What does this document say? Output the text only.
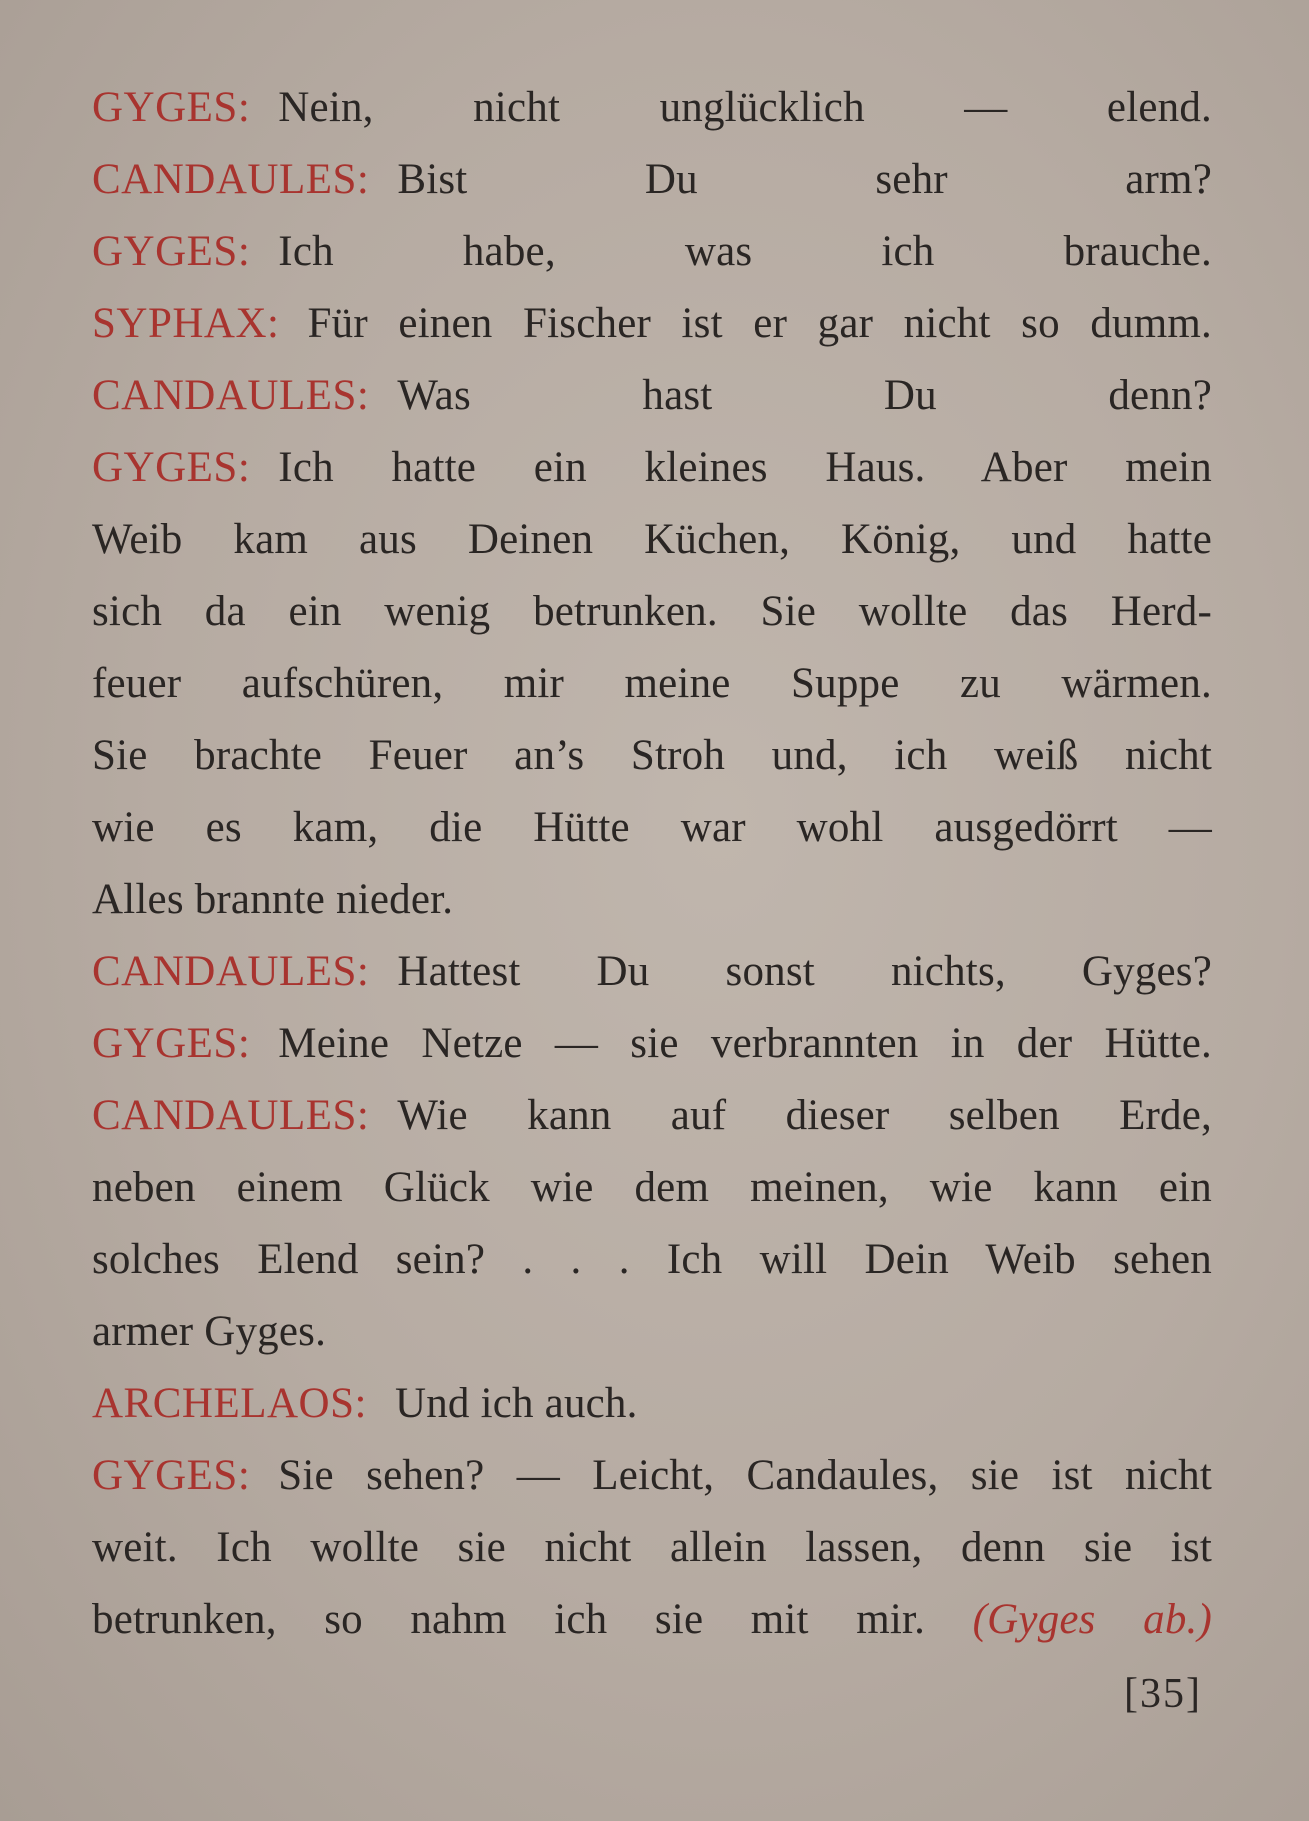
GYGES: Nein, nicht unglücklich — elend.
CANDAULES: Bist Du sehr arm?
GYGES: Ich habe, was ich brauche.
SYPHAX: Für einen Fischer ist er gar nicht so dumm.
CANDAULES: Was hast Du denn?
GYGES: Ich hatte ein kleines Haus. Aber mein
Weib kam aus Deinen Küchen, König, und hatte
sich da ein wenig betrunken. Sie wollte das Herd-
feuer aufschüren, mir meine Suppe zu wärmen.
Sie brachte Feuer an’s Stroh und, ich weiß nicht
wie es kam, die Hütte war wohl ausgedörrt —
Alles brannte nieder.
CANDAULES: Hattest Du sonst nichts, Gyges?
GYGES: Meine Netze — sie verbrannten in der Hütte.
CANDAULES: Wie kann auf dieser selben Erde,
neben einem Glück wie dem meinen, wie kann ein
solches Elend sein? . . . Ich will Dein Weib sehen
armer Gyges.
ARCHELAOS: Und ich auch.
GYGES: Sie sehen? — Leicht, Candaules, sie ist nicht
weit. Ich wollte sie nicht allein lassen, denn sie ist
betrunken, so nahm ich sie mit mir. (Gyges ab.)
[35]
